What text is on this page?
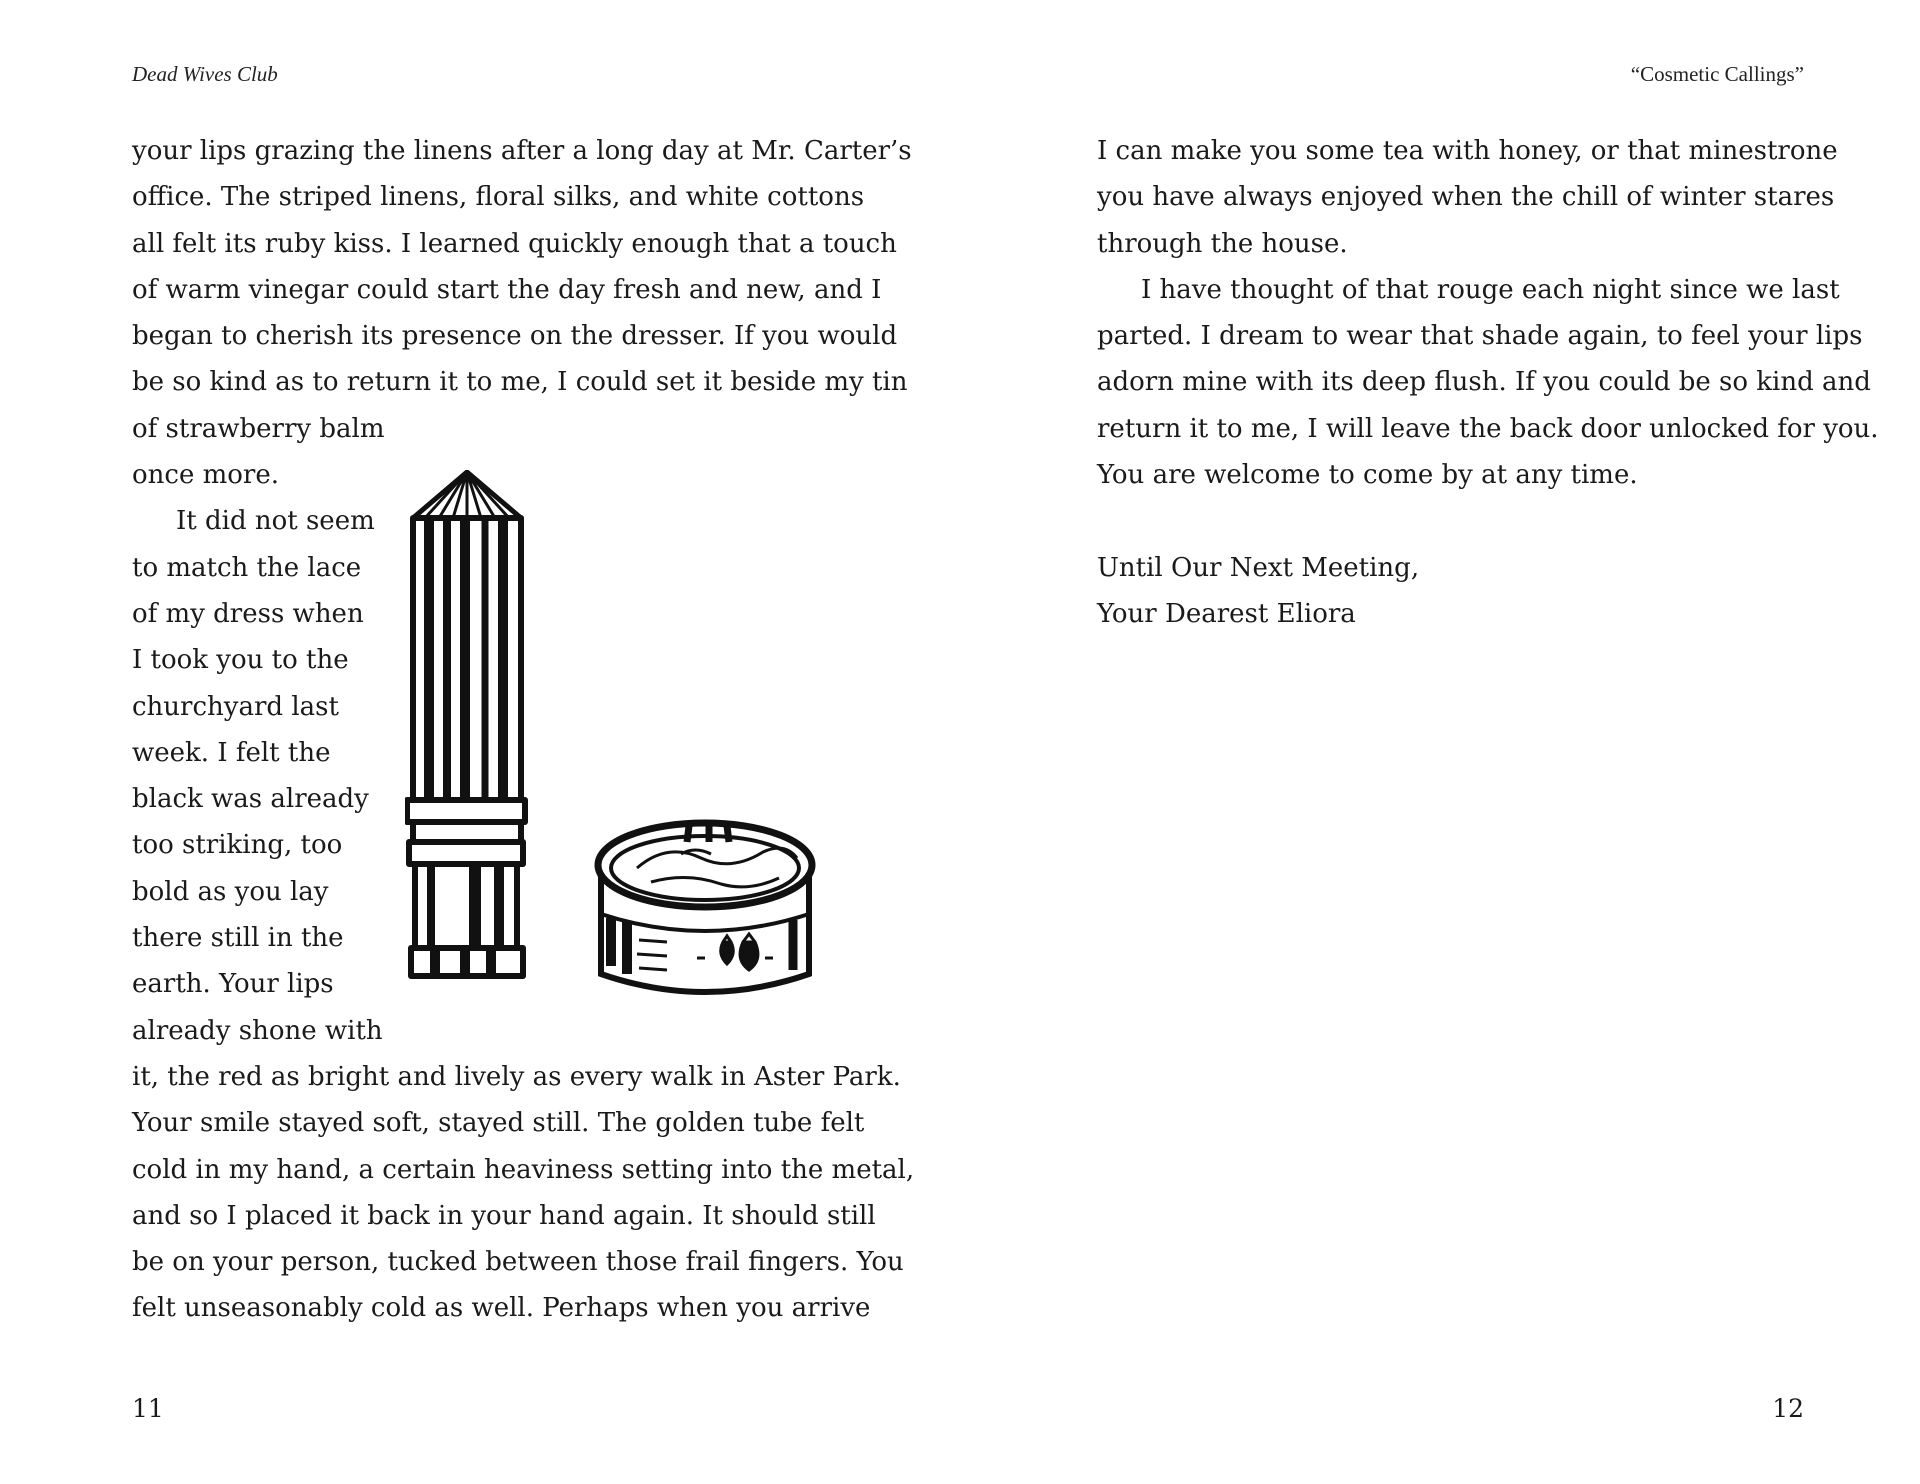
Dead Wives Club	“Cosmetic Callings”
your lips grazing the linens after a long day at Mr. Carter’s
office. The striped linens, floral silks, and white cottons
all felt its ruby kiss. I learned quickly enough that a touch
of warm vinegar could start the day fresh and new, and I
began to cherish its presence on the dresser. If you would
be so kind as to return it to me, I could set it beside my tin
of strawberry balm
once more.
It did not seem
to match the lace
of my dress when
I took you to the
churchyard last
week. I felt the
black was already
too striking, too
bold as you lay
there still in the
earth. Your lips
already shone with
it, the red as bright and lively as every walk in Aster Park.
Your smile stayed soft, stayed still. The golden tube felt
cold in my hand, a certain heaviness setting into the metal,
and so I placed it back in your hand again. It should still
be on your person, tucked between those frail fingers. You
felt unseasonably cold as well. Perhaps when you arrive
I can make you some tea with honey, or that minestrone
you have always enjoyed when the chill of winter stares
through the house.
I have thought of that rouge each night since we last
parted. I dream to wear that shade again, to feel your lips
adorn mine with its deep flush. If you could be so kind and
return it to me, I will leave the back door unlocked for you.
You are welcome to come by at any time.
Until Our Next Meeting,
Your Dearest Eliora
11	12
